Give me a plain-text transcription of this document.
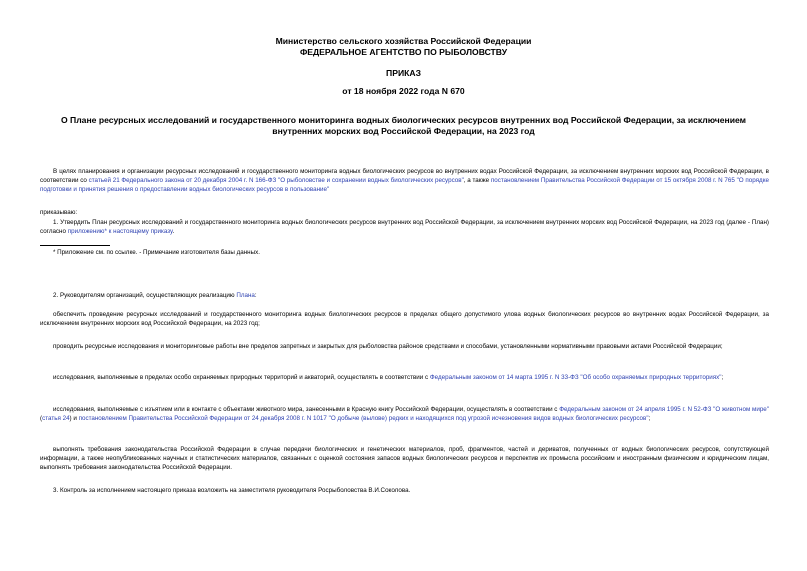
Министерство сельского хозяйства Российской Федерации
ФЕДЕРАЛЬНОЕ АГЕНТСТВО ПО РЫБОЛОВСТВУ
ПРИКАЗ
от 18 ноября 2022 года N 670
О Плане ресурсных исследований и государственного мониторинга водных биологических ресурсов внутренних вод Российской Федерации, за исключением внутренних морских вод Российской Федерации, на 2023 год
В целях планирования и организации ресурсных исследований и государственного мониторинга водных биологических ресурсов во внутренних водах Российской Федерации, за исключением внутренних морских вод Российской Федерации, в соответствии со статьей 21 Федерального закона от 20 декабря 2004 г. N 166-ФЗ "О рыболовстве и сохранении водных биологических ресурсов", а также постановлением Правительства Российской Федерации от 15 октября 2008 г. N 765 "О порядке подготовки и принятия решения о предоставлении водных биологических ресурсов в пользование"
приказываю:
1. Утвердить План ресурсных исследований и государственного мониторинга водных биологических ресурсов внутренних вод Российской Федерации, за исключением внутренних морских вод Российской Федерации, на 2023 год (далее - План) согласно приложению* к настоящему приказу.
* Приложение см. по ссылке. - Примечание изготовителя базы данных.
2. Руководителям организаций, осуществляющих реализацию Плана:
обеспечить проведение ресурсных исследований и государственного мониторинга водных биологических ресурсов в пределах общего допустимого улова водных биологических ресурсов во внутренних водах Российской Федерации, за исключением внутренних морских вод Российской Федерации, на 2023 год;
проводить ресурсные исследования и мониторинговые работы вне пределов запретных и закрытых для рыболовства районов средствами и способами, установленными нормативными правовыми актами Российской Федерации;
исследования, выполняемые в пределах особо охраняемых природных территорий и акваторий, осуществлять в соответствии с Федеральным законом от 14 марта 1995 г. N 33-ФЗ "Об особо охраняемых природных территориях";
исследования, выполняемые с изъятием или в контакте с объектами животного мира, занесенными в Красную книгу Российской Федерации, осуществлять в соответствии с Федеральным законом от 24 апреля 1995 г. N 52-ФЗ "О животном мире" (статья 24) и постановлением Правительства Российской Федерации от 24 декабря 2008 г. N 1017 "О добыче (вылове) редких и находящихся под угрозой исчезновения видов водных биологических ресурсов";
выполнять требования законодательства Российской Федерации в случае передачи биологических и генетических материалов, проб, фрагментов, частей и дериватов, полученных от водных биологических ресурсов, сопутствующей информации, а также неопубликованных научных и статистических материалов, связанных с оценкой состояния запасов водных биологических ресурсов и перспектив их промысла российским и иностранным физическим и юридическим лицам, выполнять требования законодательства Российской Федерации.
3. Контроль за исполнением настоящего приказа возложить на заместителя руководителя Росрыболовства В.И.Соколова.
